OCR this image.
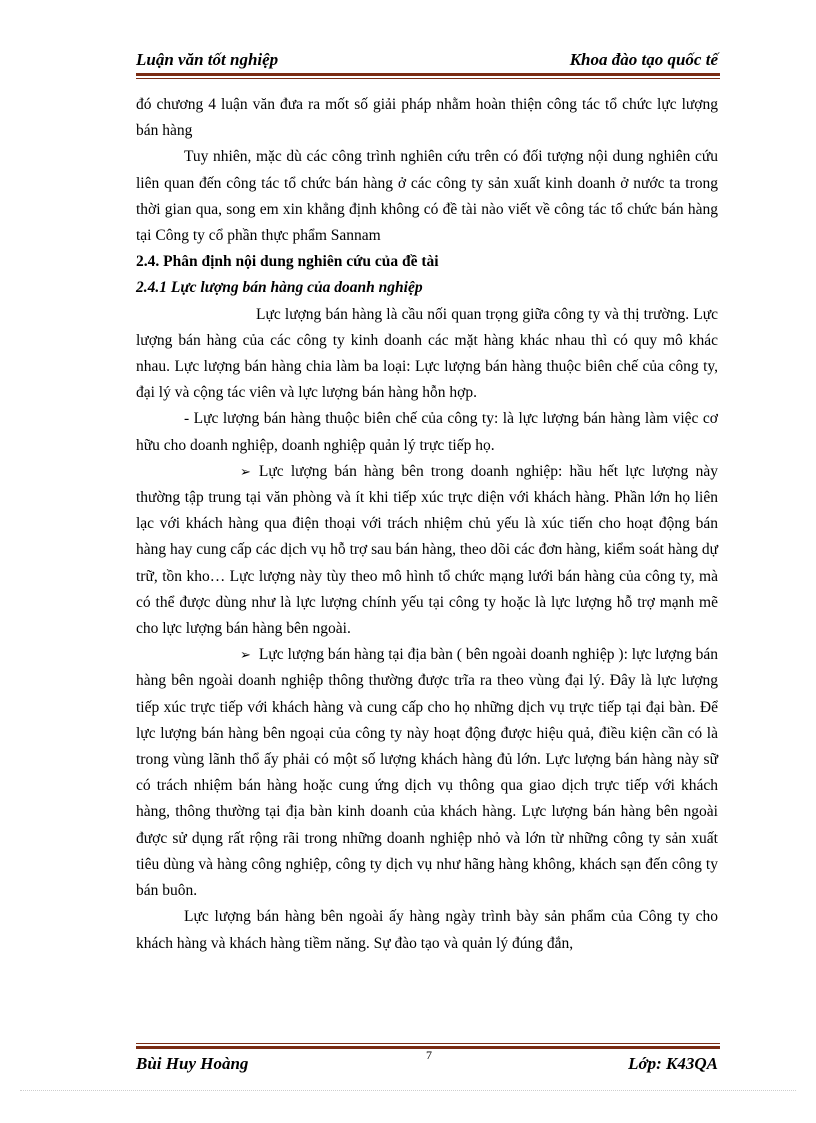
Luận văn tốt nghiệp	Khoa đào tạo quốc tế

đó chương 4 luận văn đưa ra mốt số giải pháp nhằm hoàn thiện công tác tổ chức lực lượng bán hàng

Tuy nhiên, mặc dù các công trình nghiên cứu trên có đối tượng nội dung nghiên cứu liên quan đến công tác tổ chức bán hàng ở các công ty sản xuất kinh doanh ở nước ta trong thời gian qua, song em xin khẳng định không có đề tài nào viết về công tác tổ chức bán hàng tại Công ty cổ phần thực phẩm Sannam

2.4. Phân định nội dung nghiên cứu của đề tài

2.4.1 Lực lượng bán hàng của doanh nghiệp

Lực lượng bán hàng là cầu nối quan trọng giữa công ty và thị trường. Lực lượng bán hàng của các công ty kinh doanh các mặt hàng khác nhau thì có quy mô khác nhau. Lực lượng bán hàng chia làm ba loại: Lực lượng bán hàng thuộc biên chế của công ty, đại lý và cộng tác viên và lực lượng bán hàng hỗn hợp.

- Lực lượng bán hàng thuộc biên chế của công ty: là lực lượng bán hàng làm việc cơ hữu cho doanh nghiệp, doanh nghiệp quản lý trực tiếp họ.

➢ Lực lượng bán hàng bên trong doanh nghiệp: hầu hết lực lượng này thường tập trung tại văn phòng và ít khi tiếp xúc trực diện với khách hàng. Phần lớn họ liên lạc với khách hàng qua điện thoại với trách nhiệm chủ yếu là xúc tiến cho hoạt động bán hàng hay cung cấp các dịch vụ hỗ trợ sau bán hàng, theo dõi các đơn hàng, kiểm soát hàng dự trữ, tồn kho… Lực lượng này tùy theo mô hình tổ chức mạng lưới bán hàng của công ty, mà có thể được dùng như là lực lượng chính yếu tại công ty hoặc là lực lượng hỗ trợ mạnh mẽ cho lực lượng bán hàng bên ngoài.

➢ Lực lượng bán hàng tại địa bàn ( bên ngoài doanh nghiệp ): lực lượng bán hàng bên ngoài doanh nghiệp thông thường được trĩa ra theo vùng đại lý. Đây là lực lượng tiếp xúc trực tiếp với khách hàng và cung cấp cho họ những dịch vụ trực tiếp tại đại bàn. Để lực lượng bán hàng bên ngoại của công ty này hoạt động được hiệu quả, điều kiện cần có là trong vùng lãnh thổ ấy phải có một số lượng khách hàng đủ lớn. Lực lượng bán hàng này sữ có trách nhiệm bán hàng hoặc cung ứng dịch vụ thông qua giao dịch trực tiếp với khách hàng, thông thường tại địa bàn kinh doanh của khách hàng. Lực lượng bán hàng bên ngoài được sử dụng rất rộng rãi trong những doanh nghiệp nhỏ và lớn từ những công ty sản xuất tiêu dùng và hàng công nghiệp, công ty dịch vụ như hãng hàng không, khách sạn đến công ty bán buôn.

Lực lượng bán hàng bên ngoài ấy hàng ngày trình bày sản phẩm của Công ty cho khách hàng và khách hàng tiềm năng. Sự đào tạo và quản lý đúng đắn,

Bùi Huy Hoàng	7	Lớp: K43QA
